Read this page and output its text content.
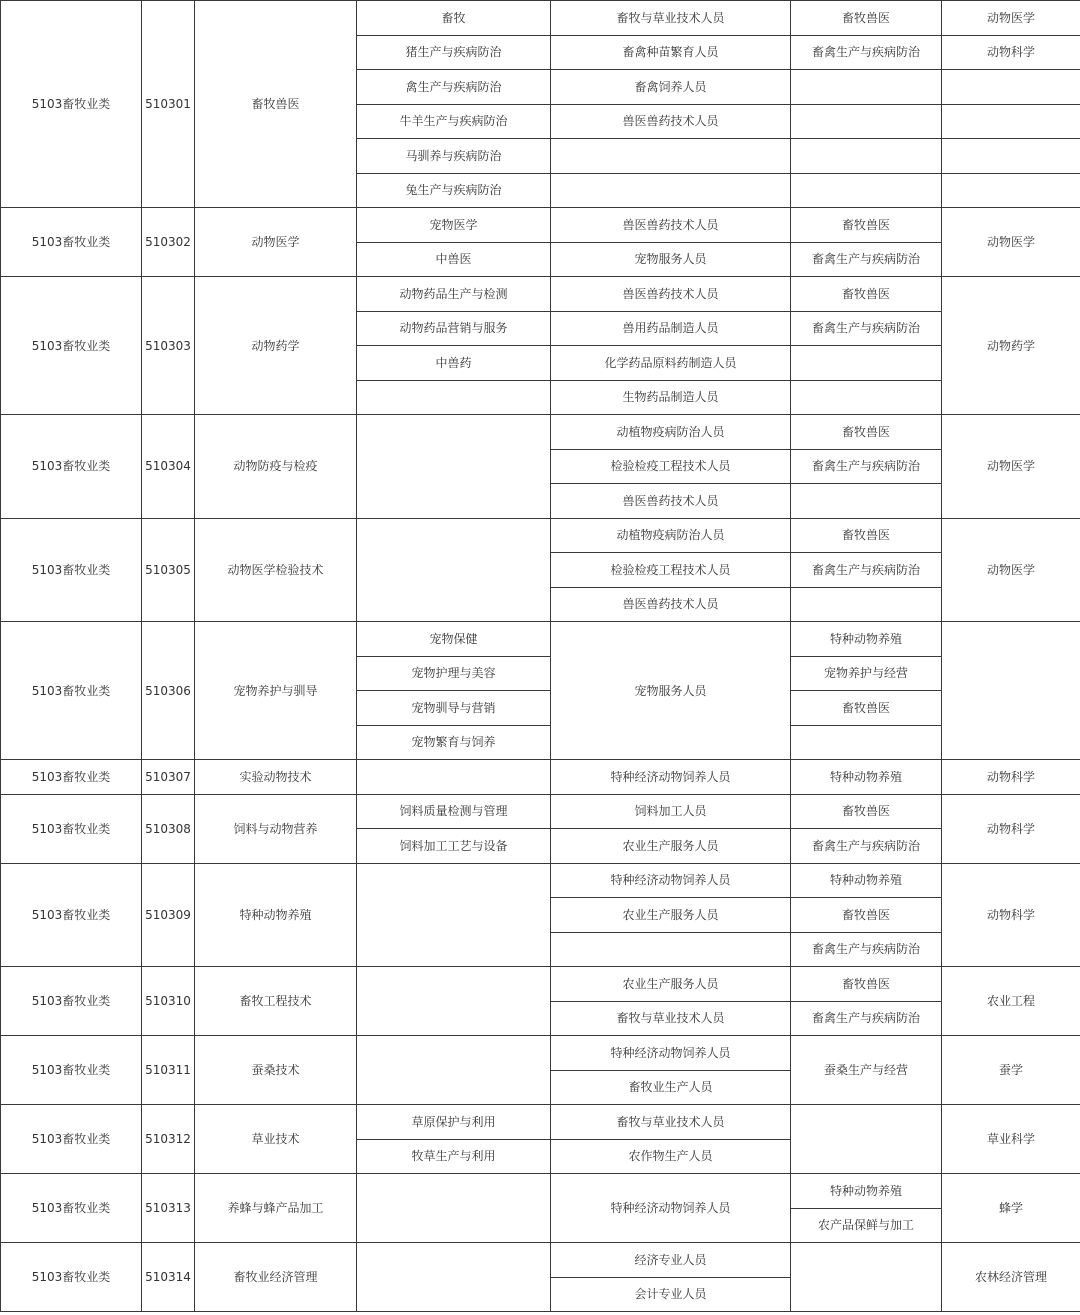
5103畜牧业类	510301	畜牧兽医	畜牧	畜牧与草业技术人员	畜牧兽医	动物医学
			猪生产与疾病防治	畜禽种苗繁育人员	畜禽生产与疾病防治	动物科学
			禽生产与疾病防治	畜禽饲养人员		
			牛羊生产与疾病防治	兽医兽药技术人员		
			马驯养与疾病防治			
			兔生产与疾病防治			
5103畜牧业类	510302	动物医学	宠物医学	兽医兽药技术人员	畜牧兽医	动物医学
			中兽医	宠物服务人员	畜禽生产与疾病防治	
5103畜牧业类	510303	动物药学	动物药品生产与检测	兽医兽药技术人员	畜牧兽医	动物药学
			动物药品营销与服务	兽用药品制造人员	畜禽生产与疾病防治	
			中兽药	化学药品原料药制造人员		
				生物药品制造人员		
5103畜牧业类	510304	动物防疫与检疫		动植物疫病防治人员	畜牧兽医	动物医学
				检验检疫工程技术人员	畜禽生产与疾病防治	
				兽医兽药技术人员		
5103畜牧业类	510305	动物医学检验技术		动植物疫病防治人员	畜牧兽医	动物医学
				检验检疫工程技术人员	畜禽生产与疾病防治	
				兽医兽药技术人员		
5103畜牧业类	510306	宠物养护与驯导	宠物保健	宠物服务人员	特种动物养殖	
			宠物护理与美容		宠物养护与经营	
			宠物驯导与营销		畜牧兽医	
			宠物繁育与饲养			
5103畜牧业类	510307	实验动物技术		特种经济动物饲养人员	特种动物养殖	动物科学
5103畜牧业类	510308	饲料与动物营养	饲料质量检测与管理	饲料加工人员	畜牧兽医	动物科学
			饲料加工工艺与设备	农业生产服务人员	畜禽生产与疾病防治	
5103畜牧业类	510309	特种动物养殖		特种经济动物饲养人员	特种动物养殖	动物科学
				农业生产服务人员	畜牧兽医	
					畜禽生产与疾病防治	
5103畜牧业类	510310	畜牧工程技术		农业生产服务人员	畜牧兽医	农业工程
				畜牧与草业技术人员	畜禽生产与疾病防治	
5103畜牧业类	510311	蚕桑技术		特种经济动物饲养人员	蚕桑生产与经营	蚕学
				畜牧业生产人员		
5103畜牧业类	510312	草业技术	草原保护与利用	畜牧与草业技术人员		草业科学
			牧草生产与利用	农作物生产人员		
5103畜牧业类	510313	养蜂与蜂产品加工		特种经济动物饲养人员	特种动物养殖	蜂学
					农产品保鲜与加工	
5103畜牧业类	510314	畜牧业经济管理		经济专业人员		农林经济管理
				会计专业人员		
